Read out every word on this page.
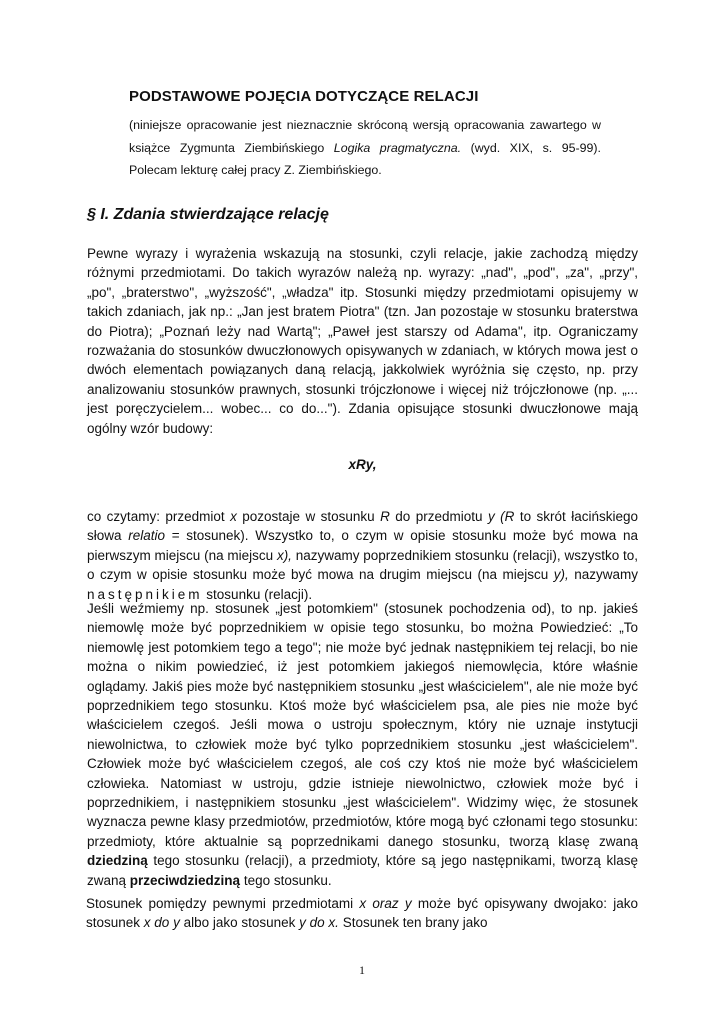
PODSTAWOWE POJĘCIA DOTYCZĄCE RELACJI
(niniejsze opracowanie jest nieznacznie skróconą wersją opracowania zawartego w książce Zygmunta Ziembińskiego Logika pragmatyczna. (wyd. XIX, s. 95-99). Polecam lekturę całej pracy Z. Ziembińskiego.
§ I. Zdania stwierdzające relację
Pewne wyrazy i wyrażenia wskazują na stosunki, czyli relacje, jakie zachodzą między różnymi przedmiotami. Do takich wyrazów należą np. wyrazy: „nad", „pod", „za", „przy", „po", „braterstwo", „wyższość", „władza" itp. Stosunki między przedmiotami opisujemy w takich zdaniach, jak np.: „Jan jest bratem Piotra" (tzn. Jan pozostaje w stosunku braterstwa do Piotra); „Poznań leży nad Wartą"; „Paweł jest starszy od Adama", itp. Ograniczamy rozważania do stosunków dwuczłonowych opisywanych w zdaniach, w których mowa jest o dwóch elementach powiązanych daną relacją, jakkolwiek wyróżnia się często, np. przy analizowaniu stosunków prawnych, stosunki trójczłonowe i więcej niż trójczłonowe (np. „... jest poręczycielem... wobec... co do..."). Zdania opisujące stosunki dwuczłonowe mają ogólny wzór budowy:
xRy,
co czytamy: przedmiot x pozostaje w stosunku R do przedmiotu y (R to skrót łacińskiego słowa relatio = stosunek). Wszystko to, o czym w opisie stosunku może być mowa na pierwszym miejscu (na miejscu x), nazywamy poprzednikiem stosunku (relacji), wszystko to, o czym w opisie stosunku może być mowa na drugim miejscu (na miejscu y), nazywamy następnikiem stosunku (relacji).
Jeśli weźmiemy np. stosunek „jest potomkiem" (stosunek pochodzenia od), to np. jakieś niemowlę może być poprzednikiem w opisie tego stosunku, bo można Powiedzieć: „To niemowlę jest potomkiem tego a tego"; nie może być jednak następnikiem tej relacji, bo nie można o nikim powiedzieć, iż jest potomkiem jakiegoś niemowlęcia, które właśnie oglądamy. Jakiś pies może być następnikiem stosunku „jest właścicielem", ale nie może być poprzednikiem tego stosunku. Ktoś może być właścicielem psa, ale pies nie może być właścicielem czegoś. Jeśli mowa o ustroju społecznym, który nie uznaje instytucji niewolnictwa, to człowiek może być tylko poprzednikiem stosunku „jest właścicielem". Człowiek może być właścicielem czegoś, ale coś czy ktoś nie może być właścicielem człowieka. Natomiast w ustroju, gdzie istnieje niewolnictwo, człowiek może być i poprzednikiem, i następnikiem stosunku „jest właścicielem". Widzimy więc, że stosunek wyznacza pewne klasy przedmiotów, przedmiotów, które mogą być członami tego stosunku: przedmioty, które aktualnie są poprzednikami danego stosunku, tworzą klasę zwaną dziedziną tego stosunku (relacji), a przedmioty, które są jego następnikami, tworzą klasę zwaną przeciwdziedziną tego stosunku.
Stosunek pomiędzy pewnymi przedmiotami x oraz y może być opisywany dwojako: jako stosunek x do y albo jako stosunek y do x. Stosunek ten brany jako
1
